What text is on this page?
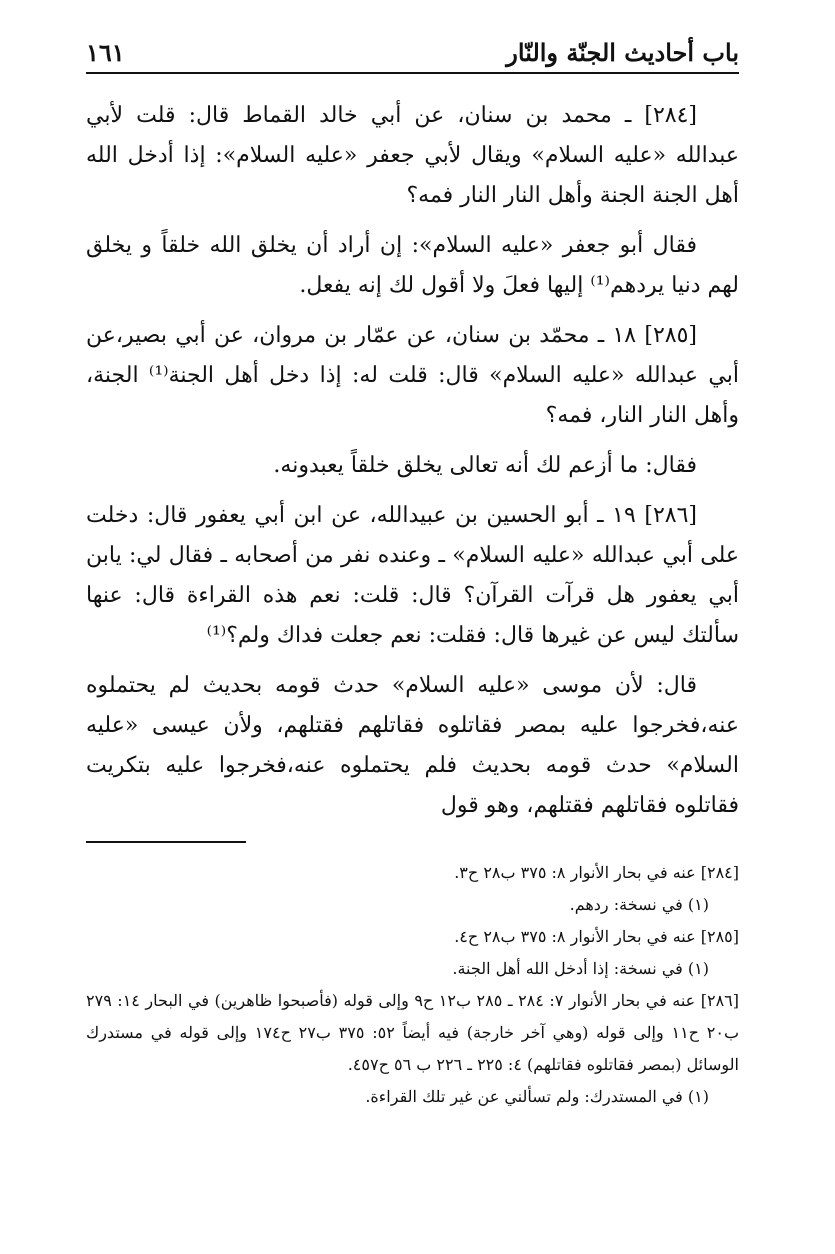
باب أحاديث الجنّة والنّار
١٦١

[٢٨٤] ـ محمد بن سنان، عن أبي خالد القماط قال: قلت لأبي عبدالله «عليه السلام» ويقال لأبي جعفر «عليه السلام»: إذا أدخل الله أهل الجنة الجنة وأهل النار النار فمه؟

فقال أبو جعفر «عليه السلام»: إن أراد أن يخلق الله خلقاً و يخلق لهم دنيا يردهم⁽¹⁾ إليها فعلَ ولا أقول لك إنه يفعل.

[٢٨٥] ١٨ ـ محمّد بن سنان، عن عمّار بن مروان، عن أبي بصير،عن أبي عبدالله «عليه السلام» قال: قلت له: إذا دخل أهل الجنة⁽¹⁾ الجنة، وأهل النار النار، فمه؟

فقال: ما أزعم لك أنه تعالى يخلق خلقاً يعبدونه.

[٢٨٦] ١٩ ـ أبو الحسين بن عبيدالله، عن ابن أبي يعفور قال: دخلت على أبي عبدالله «عليه السلام» ـ وعنده نفر من أصحابه ـ فقال لي: يابن أبي يعفور هل قرآت القرآن؟ قال: قلت: نعم هذه القراءة قال: عنها سألتك ليس عن غيرها قال: فقلت: نعم جعلت فداك ولم؟⁽¹⁾

قال: لأن موسى «عليه السلام» حدث قومه بحديث لم يحتملوه عنه،فخرجوا عليه بمصر فقاتلوه فقاتلهم فقتلهم، ولأن عيسى «عليه السلام» حدث قومه بحديث فلم يحتملوه عنه،فخرجوا عليه بتكريت فقاتلوه فقاتلهم فقتلهم، وهو قول

[٢٨٤] عنه في بحار الأنوار ٨: ٣٧٥ ب٢٨ ح٣.

(١) في نسخة: ردهم.

[٢٨٥] عنه في بحار الأنوار ٨: ٣٧٥ ب٢٨ ح٤.

(١) في نسخة: إذا أدخل الله أهل الجنة.

[٢٨٦] عنه في بحار الأنوار ٧: ٢٨٤ ـ ٢٨٥ ب١٢ ح٩ وإلى قوله (فأصبحوا ظاهرين) في البحار ١٤: ٢٧٩ ب٢٠ ح١١ وإلى قوله (وهي آخر خارجة) فيه أيضاً ٥٢: ٣٧٥ ب٢٧ ح١٧٤ وإلى قوله في مستدرك الوسائل (بمصر فقاتلوه فقاتلهم) ٤: ٢٢٥ ـ ٢٢٦ ب ٥٦ ح٤٥٧.

(١) في المستدرك: ولم تسألني عن غير تلك القراءة.
